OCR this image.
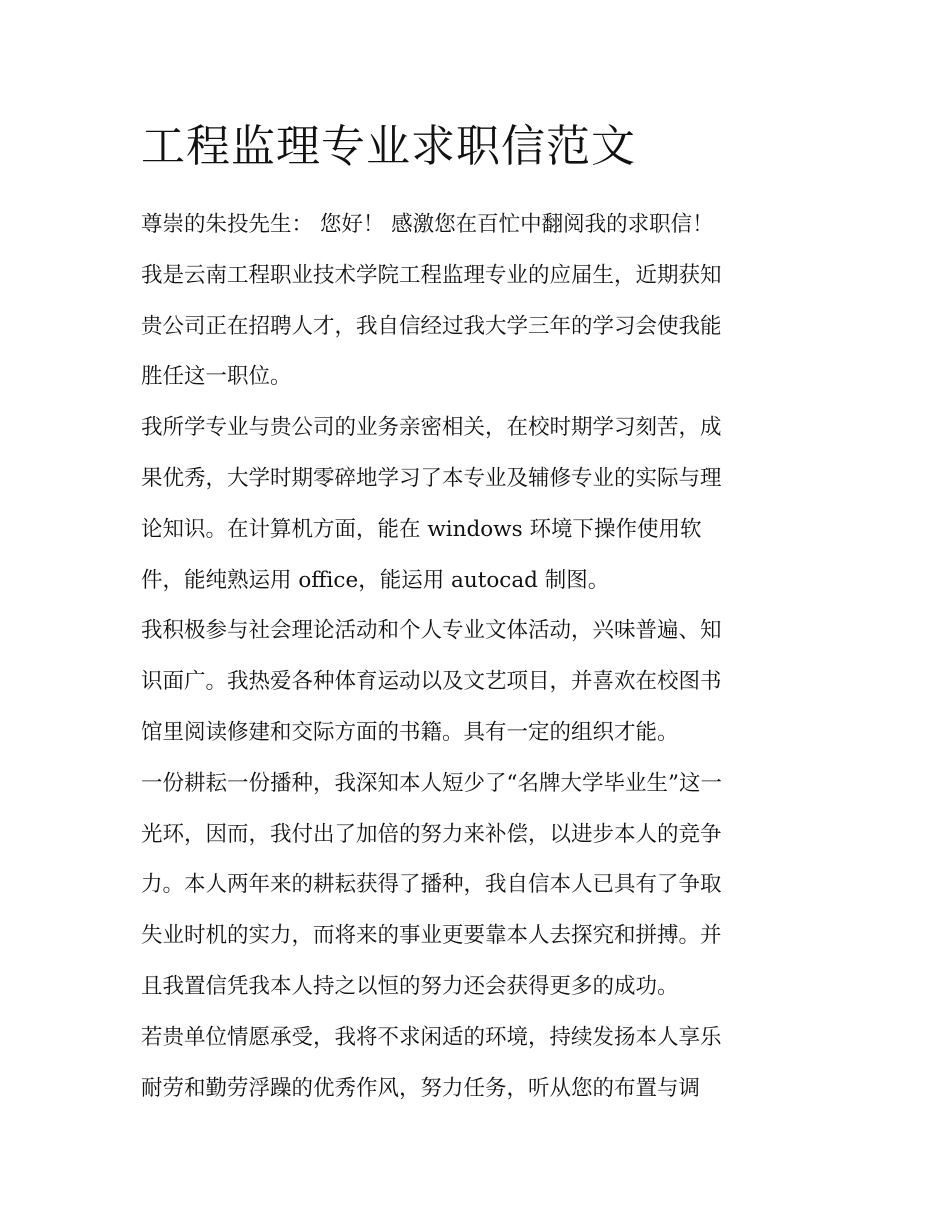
工程监理专业求职信范文
尊崇的朱投先生： 您好！ 感激您在百忙中翻阅我的求职信！
我是云南工程职业技术学院工程监理专业的应届生，近期获知
贵公司正在招聘人才，我自信经过我大学三年的学习会使我能
胜任这一职位。
我所学专业与贵公司的业务亲密相关，在校时期学习刻苦，成
果优秀，大学时期零碎地学习了本专业及辅修专业的实际与理
论知识。在计算机方面，能在 windows 环境下操作使用软
件，能纯熟运用 office，能运用 autocad 制图。
我积极参与社会理论活动和个人专业文体活动，兴味普遍、知
识面广。我热爱各种体育运动以及文艺项目，并喜欢在校图书
馆里阅读修建和交际方面的书籍。具有一定的组织才能。
一份耕耘一份播种，我深知本人短少了“名牌大学毕业生”这一
光环，因而，我付出了加倍的努力来补偿，以进步本人的竞争
力。本人两年来的耕耘获得了播种，我自信本人已具有了争取
失业时机的实力，而将来的事业更要靠本人去探究和拼搏。并
且我置信凭我本人持之以恒的努力还会获得更多的成功。
若贵单位情愿承受，我将不求闲适的环境，持续发扬本人享乐
耐劳和勤劳浮躁的优秀作风，努力任务，听从您的布置与调
